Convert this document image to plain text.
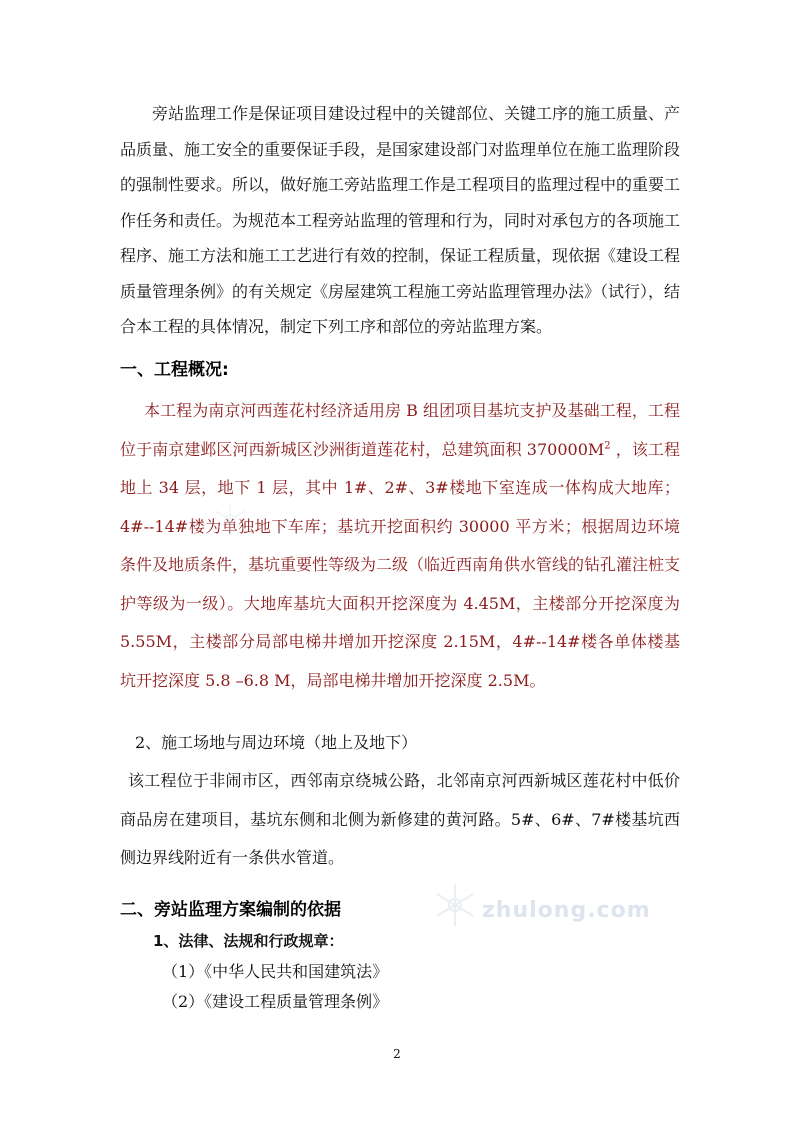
旁站监理工作是保证项目建设过程中的关键部位、关键工序的施工质量、产品质量、施工安全的重要保证手段，是国家建设部门对监理单位在施工监理阶段的强制性要求。所以，做好施工旁站监理工作是工程项目的监理过程中的重要工作任务和责任。为规范本工程旁站监理的管理和行为，同时对承包方的各项施工程序、施工方法和施工工艺进行有效的控制，保证工程质量，现依据《建设工程质量管理条例》的有关规定《房屋建筑工程施工旁站监理管理办法》（试行），结合本工程的具体情况，制定下列工序和部位的旁站监理方案。

一、工程概况:

本工程为南京河西莲花村经济适用房 B 组团项目基坑支护及基础工程，工程位于南京建邺区河西新城区沙洲街道莲花村，总建筑面积 $370000M^2$ ，该工程地上 34 层，地下 1 层，其中 1#、2#、3#楼地下室连成一体构成大地库；4#--14#楼为单独地下车库；基坑开挖面积约 30000 平方米；根据周边环境条件及地质条件，基坑重要性等级为二级（临近西南角供水管线的钻孔灌注桩支护等级为一级）。大地库基坑大面积开挖深度为 4.45M，主楼部分开挖深度为 5.55M，主楼部分局部电梯井增加开挖深度 2.15M，4#--14#楼各单体楼基坑开挖深度 5.8 –6.8 M，局部电梯井增加开挖深度 2.5M。

2、施工场地与周边环境（地上及地下）

该工程位于非闹市区，西邻南京绕城公路，北邻南京河西新城区莲花村中低价商品房在建项目，基坑东侧和北侧为新修建的黄河路。5#、6#、7#楼基坑西侧边界线附近有一条供水管道。

二、旁站监理方案编制的依据

1、法律、法规和行政规章：

（1）《中华人民共和国建筑法》

（2）《建设工程质量管理条例》

2
zhulong.com
